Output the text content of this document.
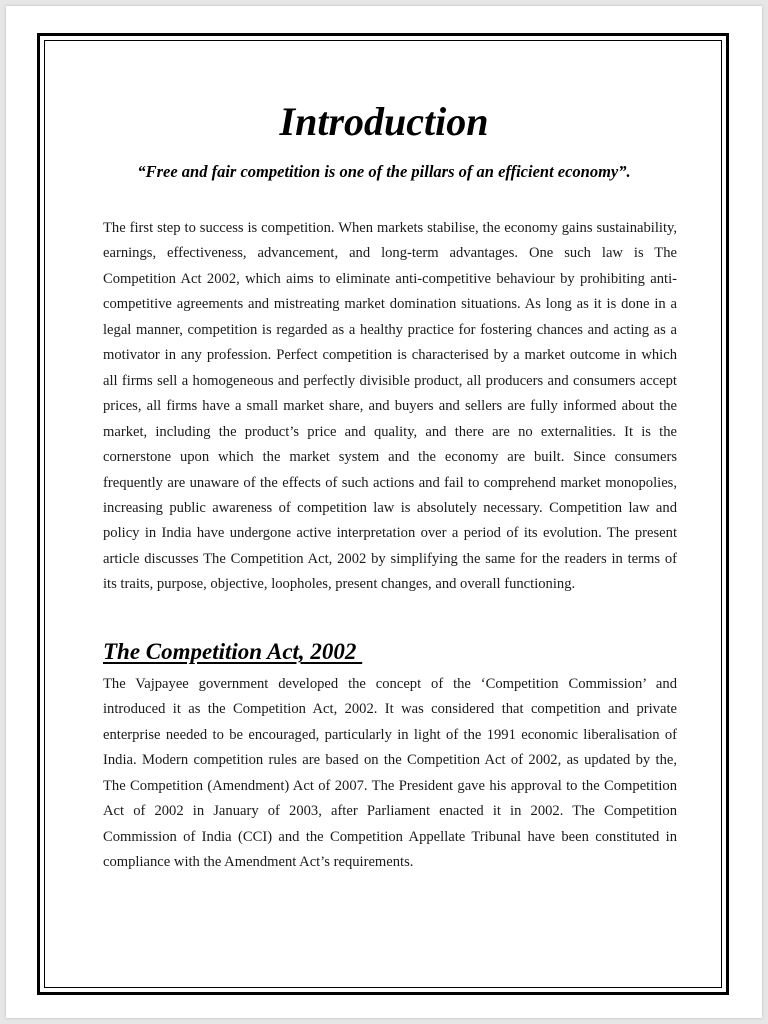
Introduction

“Free and fair competition is one of the pillars of an efficient economy”.

The first step to success is competition. When markets stabilise, the economy gains sustainability, earnings, effectiveness, advancement, and long-term advantages. One such law is The Competition Act 2002, which aims to eliminate anti-competitive behaviour by prohibiting anti-competitive agreements and mistreating market domination situations. As long as it is done in a legal manner, competition is regarded as a healthy practice for fostering chances and acting as a motivator in any profession. Perfect competition is characterised by a market outcome in which all firms sell a homogeneous and perfectly divisible product, all producers and consumers accept prices, all firms have a small market share, and buyers and sellers are fully informed about the market, including the product’s price and quality, and there are no externalities. It is the cornerstone upon which the market system and the economy are built. Since consumers frequently are unaware of the effects of such actions and fail to comprehend market monopolies, increasing public awareness of competition law is absolutely necessary. Competition law and policy in India have undergone active interpretation over a period of its evolution. The present article discusses The Competition Act, 2002 by simplifying the same for the readers in terms of its traits, purpose, objective, loopholes, present changes, and overall functioning.

The Competition Act, 2002

The Vajpayee government developed the concept of the ‘Competition Commission’ and introduced it as the Competition Act, 2002. It was considered that competition and private enterprise needed to be encouraged, particularly in light of the 1991 economic liberalisation of India. Modern competition rules are based on the Competition Act of 2002, as updated by the, The Competition (Amendment) Act of 2007. The President gave his approval to the Competition Act of 2002 in January of 2003, after Parliament enacted it in 2002. The Competition Commission of India (CCI) and the Competition Appellate Tribunal have been constituted in compliance with the Amendment Act’s requirements.
